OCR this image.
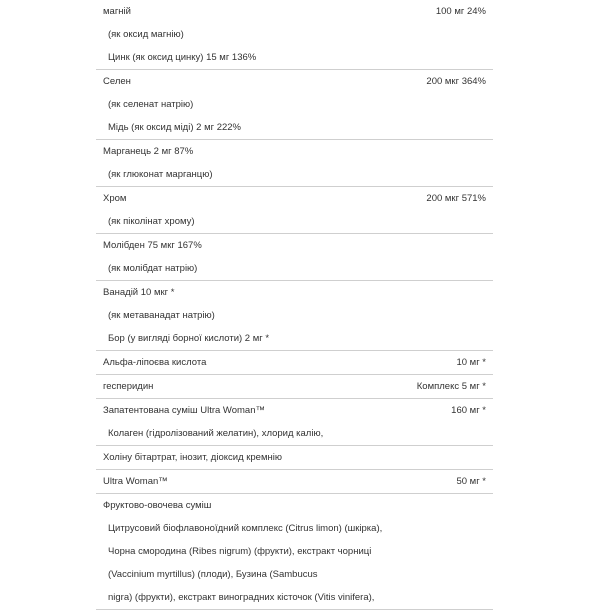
магній	100 мг 24%
(як оксид магнію)
Цинк (як оксид цинку) 15 мг 136%
Селен	200 мкг 364%
(як селенат натрію)
Мідь (як оксид міді) 2 мг 222%
Марганець 2 мг 87%
(як глюконат марганцю)
Хром	200 мкг 571%
(як піколінат хрому)
Молібден 75 мкг 167%
(як молібдат натрію)
Ванадій 10 мкг *
(як метаванадат натрію)
Бор (у вигляді борної кислоти) 2 мг *
Альфа-ліпоєва кислота	10 мг *
гесперидин	Комплекс 5 мг *
Запатентована суміш Ultra Woman™	160 мг *
Колаген (гідролізований желатин), хлорид калію,
Холіну бітартрат, інозит, діоксид кремнію
Ultra Woman™	50 мг *
Фруктово-овочева суміш
Цитрусовий біофлавоноїдний комплекс (Citrus limon) (шкірка),
Чорна смородина (Ribes nigrum) (фрукти), екстракт чорниці
(Vaccinium myrtillus) (плоди), Бузина (Sambucus
nigra) (фрукти), екстракт виноградних кісточок (Vitis vinifera),
